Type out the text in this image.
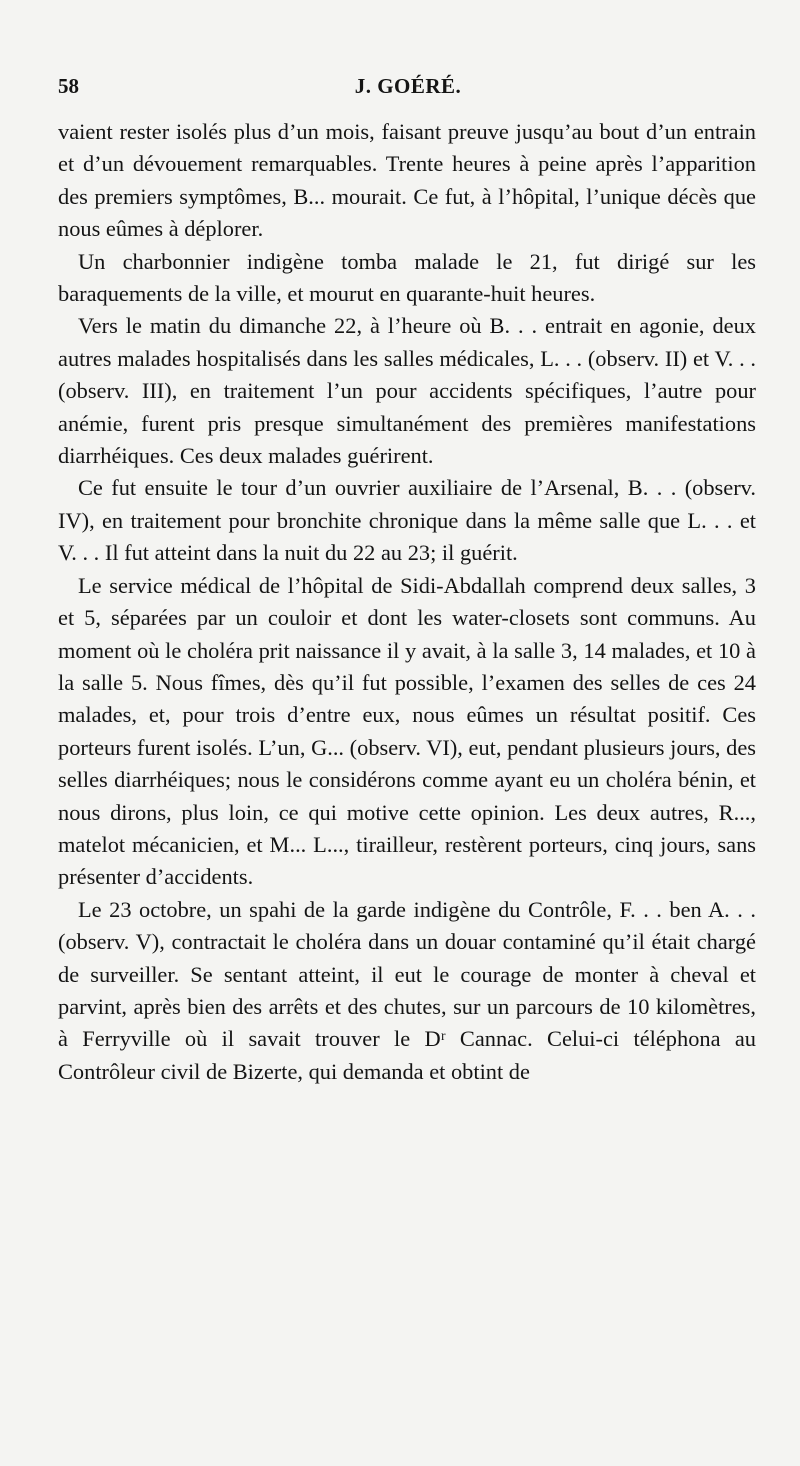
58	J. GOÉRÉ.

vaient rester isolés plus d’un mois, faisant preuve jusqu’au bout d’un entrain et d’un dévouement remarquables. Trente heures à peine après l’apparition des premiers symptômes, B... mourait. Ce fut, à l’hôpital, l’unique décès que nous eûmes à déplorer.

Un charbonnier indigène tomba malade le 21, fut dirigé sur les baraquements de la ville, et mourut en quarante-huit heures.

Vers le matin du dimanche 22, à l’heure où B. . . entrait en agonie, deux autres malades hospitalisés dans les salles médicales, L. . . (observ. II) et V. . . (observ. III), en traitement l’un pour accidents spécifiques, l’autre pour anémie, furent pris presque simultanément des premières manifestations diarrhéiques. Ces deux malades guérirent.

Ce fut ensuite le tour d’un ouvrier auxiliaire de l’Arsenal, B. . . (observ. IV), en traitement pour bronchite chronique dans la même salle que L. . . et V. . . Il fut atteint dans la nuit du 22 au 23; il guérit.

Le service médical de l’hôpital de Sidi-Abdallah comprend deux salles, 3 et 5, séparées par un couloir et dont les water-closets sont communs. Au moment où le choléra prit naissance il y avait, à la salle 3, 14 malades, et 10 à la salle 5. Nous fîmes, dès qu’il fut possible, l’examen des selles de ces 24 malades, et, pour trois d’entre eux, nous eûmes un résultat positif. Ces porteurs furent isolés. L’un, G... (observ. VI), eut, pendant plusieurs jours, des selles diarrhéiques; nous le considérons comme ayant eu un choléra bénin, et nous dirons, plus loin, ce qui motive cette opinion. Les deux autres, R..., matelot mécanicien, et M... L..., tirailleur, restèrent porteurs, cinq jours, sans présenter d’accidents.

Le 23 octobre, un spahi de la garde indigène du Contrôle, F. . . ben A. . . (observ. V), contractait le choléra dans un douar contaminé qu’il était chargé de surveiller. Se sentant atteint, il eut le courage de monter à cheval et parvint, après bien des arrêts et des chutes, sur un parcours de 10 kilomètres, à Ferryville où il savait trouver le Dʳ Cannac. Celui-ci téléphona au Contrôleur civil de Bizerte, qui demanda et obtint de
